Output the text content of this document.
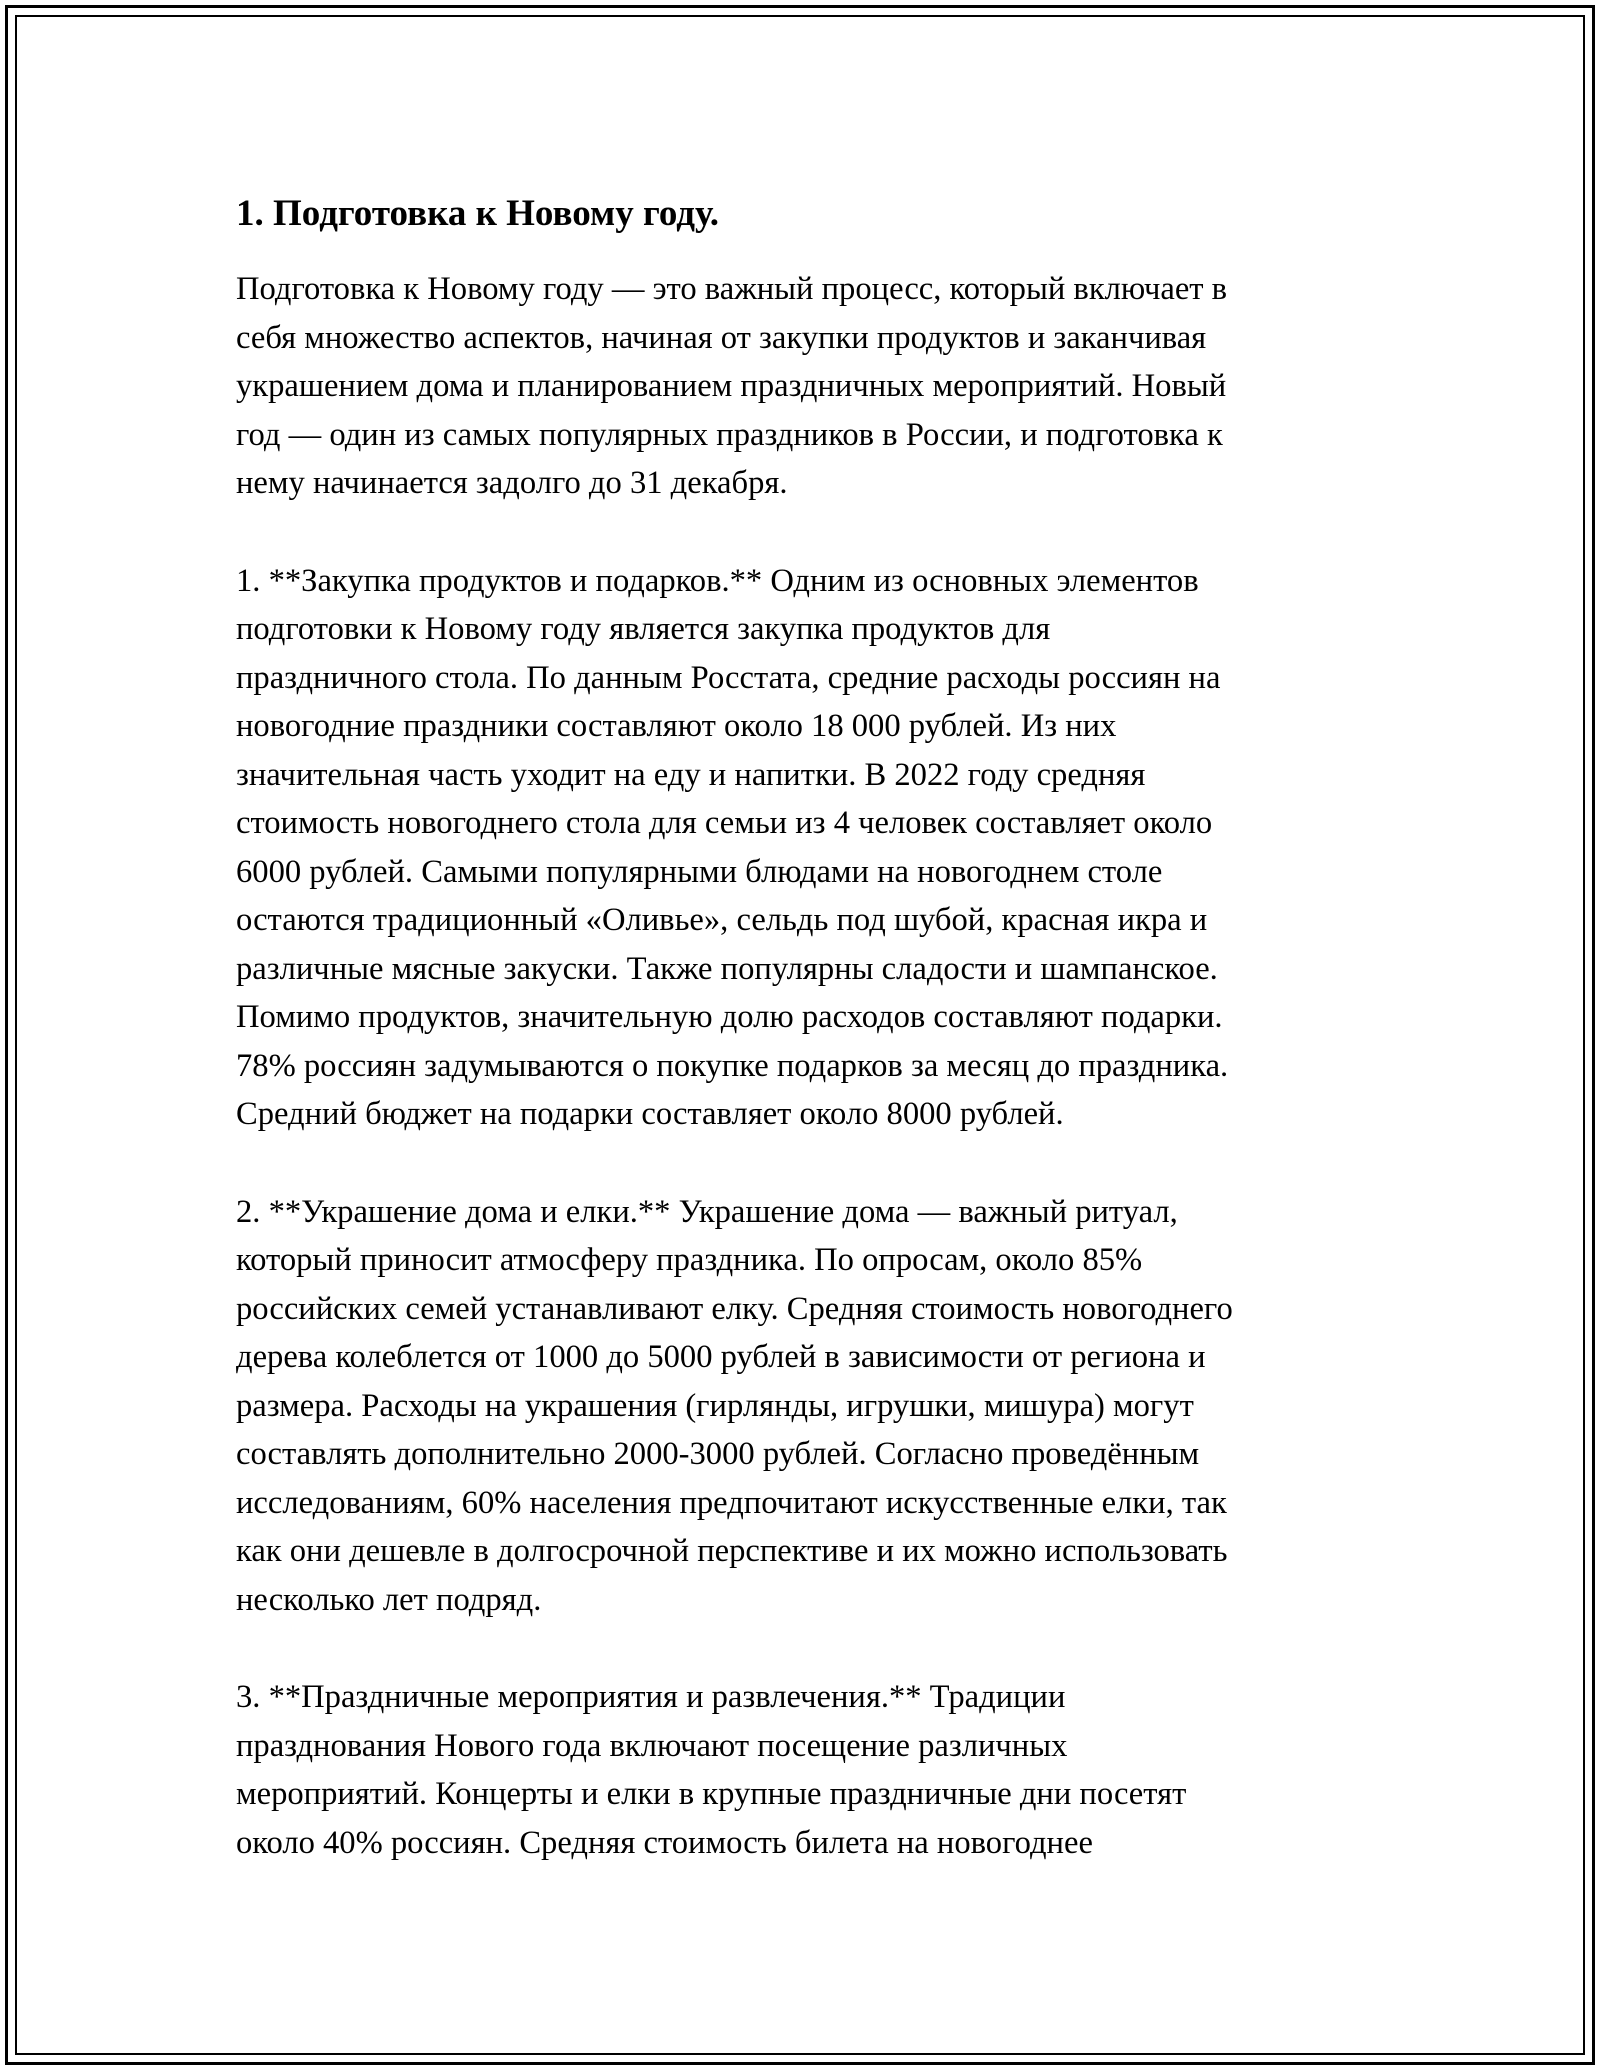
1. Подготовка к Новому году.

Подготовка к Новому году — это важный процесс, который включает в
себя множество аспектов, начиная от закупки продуктов и заканчивая
украшением дома и планированием праздничных мероприятий. Новый
год — один из самых популярных праздников в России, и подготовка к
нему начинается задолго до 31 декабря.

1. **Закупка продуктов и подарков.** Одним из основных элементов
подготовки к Новому году является закупка продуктов для
праздничного стола. По данным Росстата, средние расходы россиян на
новогодние праздники составляют около 18 000 рублей. Из них
значительная часть уходит на еду и напитки. В 2022 году средняя
стоимость новогоднего стола для семьи из 4 человек составляет около
6000 рублей. Самыми популярными блюдами на новогоднем столе
остаются традиционный «Оливье», сельдь под шубой, красная икра и
различные мясные закуски. Также популярны сладости и шампанское.
Помимо продуктов, значительную долю расходов составляют подарки.
78% россиян задумываются о покупке подарков за месяц до праздника.
Средний бюджет на подарки составляет около 8000 рублей.

2. **Украшение дома и елки.** Украшение дома — важный ритуал,
который приносит атмосферу праздника. По опросам, около 85%
российских семей устанавливают елку. Средняя стоимость новогоднего
дерева колеблется от 1000 до 5000 рублей в зависимости от региона и
размера. Расходы на украшения (гирлянды, игрушки, мишура) могут
составлять дополнительно 2000-3000 рублей. Согласно проведённым
исследованиям, 60% населения предпочитают искусственные елки, так
как они дешевле в долгосрочной перспективе и их можно использовать
несколько лет подряд.

3. **Праздничные мероприятия и развлечения.** Традиции
празднования Нового года включают посещение различных
мероприятий. Концерты и елки в крупные праздничные дни посетят
около 40% россиян. Средняя стоимость билета на новогоднее
